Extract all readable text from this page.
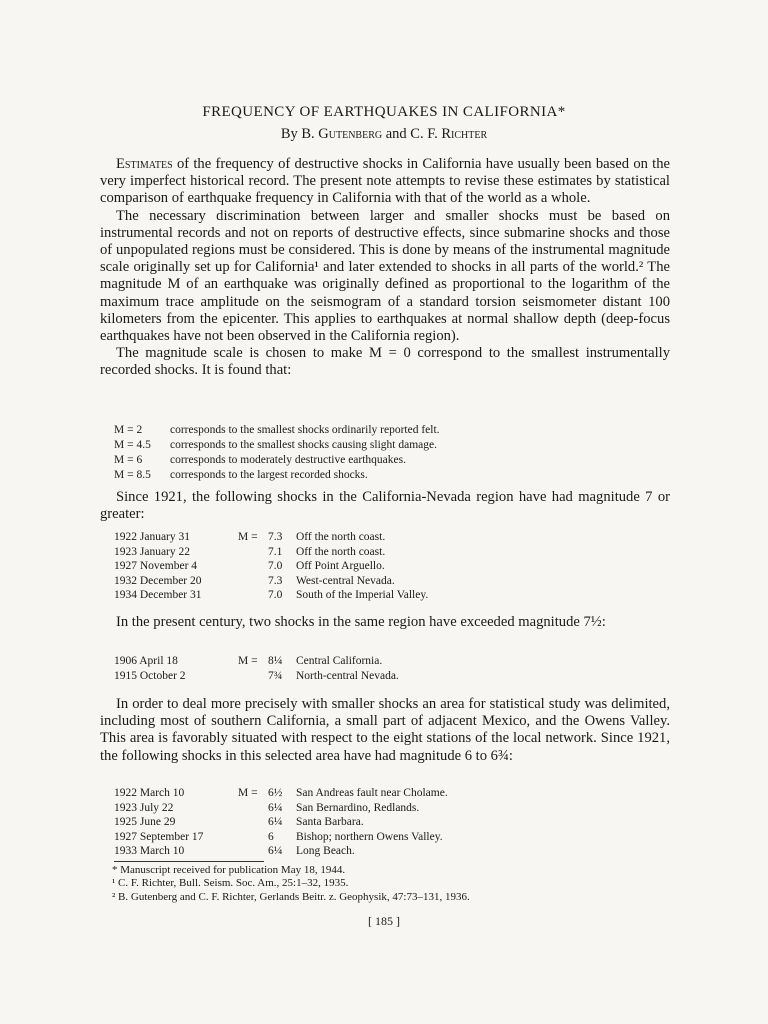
FREQUENCY OF EARTHQUAKES IN CALIFORNIA*
By B. Gutenberg and C. F. Richter

Estimates of the frequency of destructive shocks in California have usually been based on the very imperfect historical record. The present note attempts to revise these estimates by statistical comparison of earthquake frequency in California with that of the world as a whole.

The necessary discrimination between larger and smaller shocks must be based on instrumental records and not on reports of destructive effects, since submarine shocks and those of unpopulated regions must be considered. This is done by means of the instrumental magnitude scale originally set up for California¹ and later extended to shocks in all parts of the world.² The magnitude M of an earthquake was originally defined as proportional to the logarithm of the maximum trace amplitude on the seismogram of a standard torsion seismometer distant 100 kilometers from the epicenter. This applies to earthquakes at normal shallow depth (deep-focus earthquakes have not been observed in the California region).

The magnitude scale is chosen to make M = 0 correspond to the smallest instrumentally recorded shocks. It is found that:

M = 2 corresponds to the smallest shocks ordinarily reported felt.
M = 4.5 corresponds to the smallest shocks causing slight damage.
M = 6 corresponds to moderately destructive earthquakes.
M = 8.5 corresponds to the largest recorded shocks.

Since 1921, the following shocks in the California-Nevada region have had magnitude 7 or greater:

1922 January 31	M = 7.3 Off the north coast.
1923 January 22	7.1 Off the north coast.
1927 November 4	7.0 Off Point Arguello.
1932 December 20	7.3 West-central Nevada.
1934 December 31	7.0 South of the Imperial Valley.

In the present century, two shocks in the same region have exceeded magnitude 7½:

1906 April 18	M = 8¼ Central California.
1915 October 2	7¾ North-central Nevada.

In order to deal more precisely with smaller shocks an area for statistical study was delimited, including most of southern California, a small part of adjacent Mexico, and the Owens Valley. This area is favorably situated with respect to the eight stations of the local network. Since 1921, the following shocks in this selected area have had magnitude 6 to 6¾:

1922 March 10	M = 6½ San Andreas fault near Cholame.
1923 July 22	6¼ San Bernardino, Redlands.
1925 June 29	6¼ Santa Barbara.
1927 September 17	6 Bishop; northern Owens Valley.
1933 March 10	6¼ Long Beach.
* Manuscript received for publication May 18, 1944.
¹ C. F. Richter, Bull. Seism. Soc. Am., 25:1–32, 1935.
² B. Gutenberg and C. F. Richter, Gerlands Beitr. z. Geophysik, 47:73–131, 1936.
[ 185 ]
